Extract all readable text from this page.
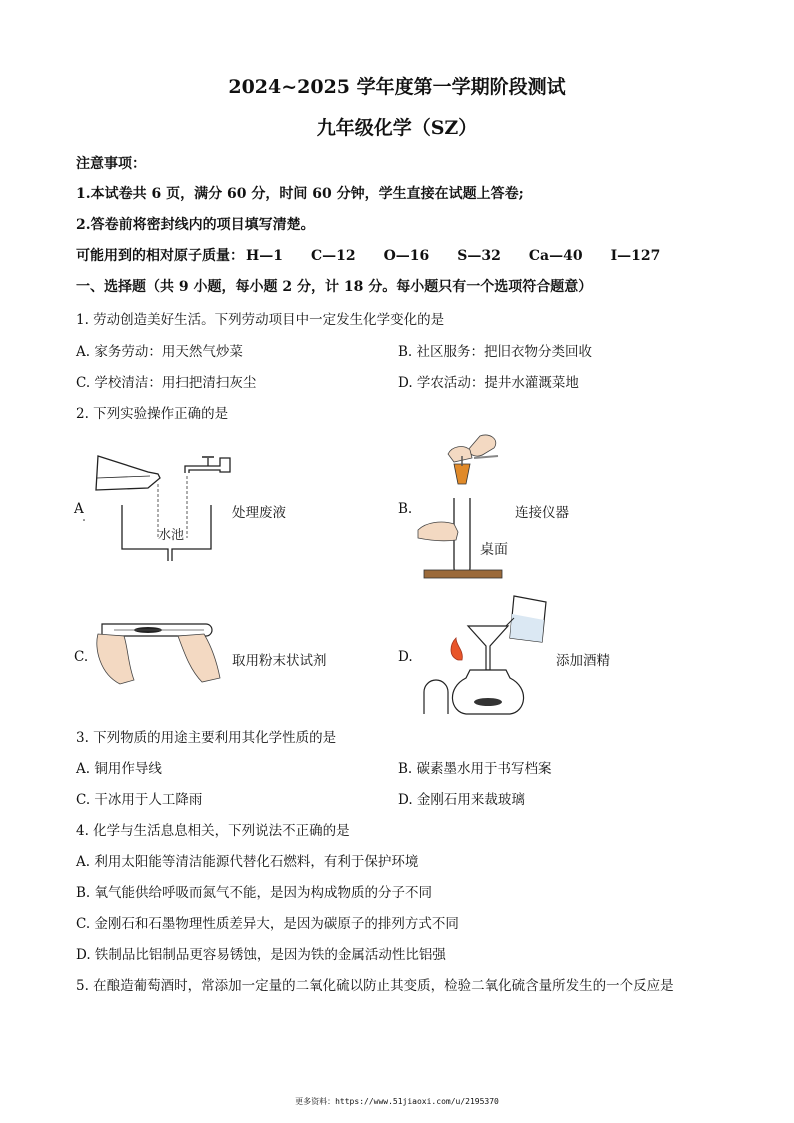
2024~2025 学年度第一学期阶段测试
九年级化学（SZ）
注意事项：
1.本试卷共 6 页，满分 60 分，时间 60 分钟，学生直接在试题上答卷;
2.答卷前将密封线内的项目填写清楚。
可能用到的相对原子质量： H—1 C—12 O—16 S—32 Ca—40 I—127
一、选择题（共 9 小题，每小题 2 分，计 18 分。每小题只有一个选项符合题意）
1. 劳动创造美好生活。下列劳动项目中一定发生化学变化的是
A. 家务劳动：用天然气炒菜	B. 社区服务：把旧衣物分类回收
C. 学校清洁：用扫把清扫灰尘	D. 学农活动：提井水灌溉菜地
2. 下列实验操作正确的是
A	处理废液
水池
B.	连接仪器
桌面
C.	取用粉末状试剂	D.	添加酒精
3. 下列物质的用途主要利用其化学性质的是
A. 铜用作导线	B. 碳素墨水用于书写档案
C. 干冰用于人工降雨	D. 金刚石用来裁玻璃
4. 化学与生活息息相关，下列说法不正确的是
A. 利用太阳能等清洁能源代替化石燃料，有利于保护环境
B. 氧气能供给呼吸而氮气不能，是因为构成物质的分子不同
C. 金刚石和石墨物理性质差异大，是因为碳原子的排列方式不同
D. 铁制品比铝制品更容易锈蚀，是因为铁的金属活动性比铝强
5. 在酿造葡萄酒时，常添加一定量的二氧化硫以防止其变质，检验二氧化硫含量所发生的一个反应是
更多资料：https://www.51jiaoxi.com/u/2195370
